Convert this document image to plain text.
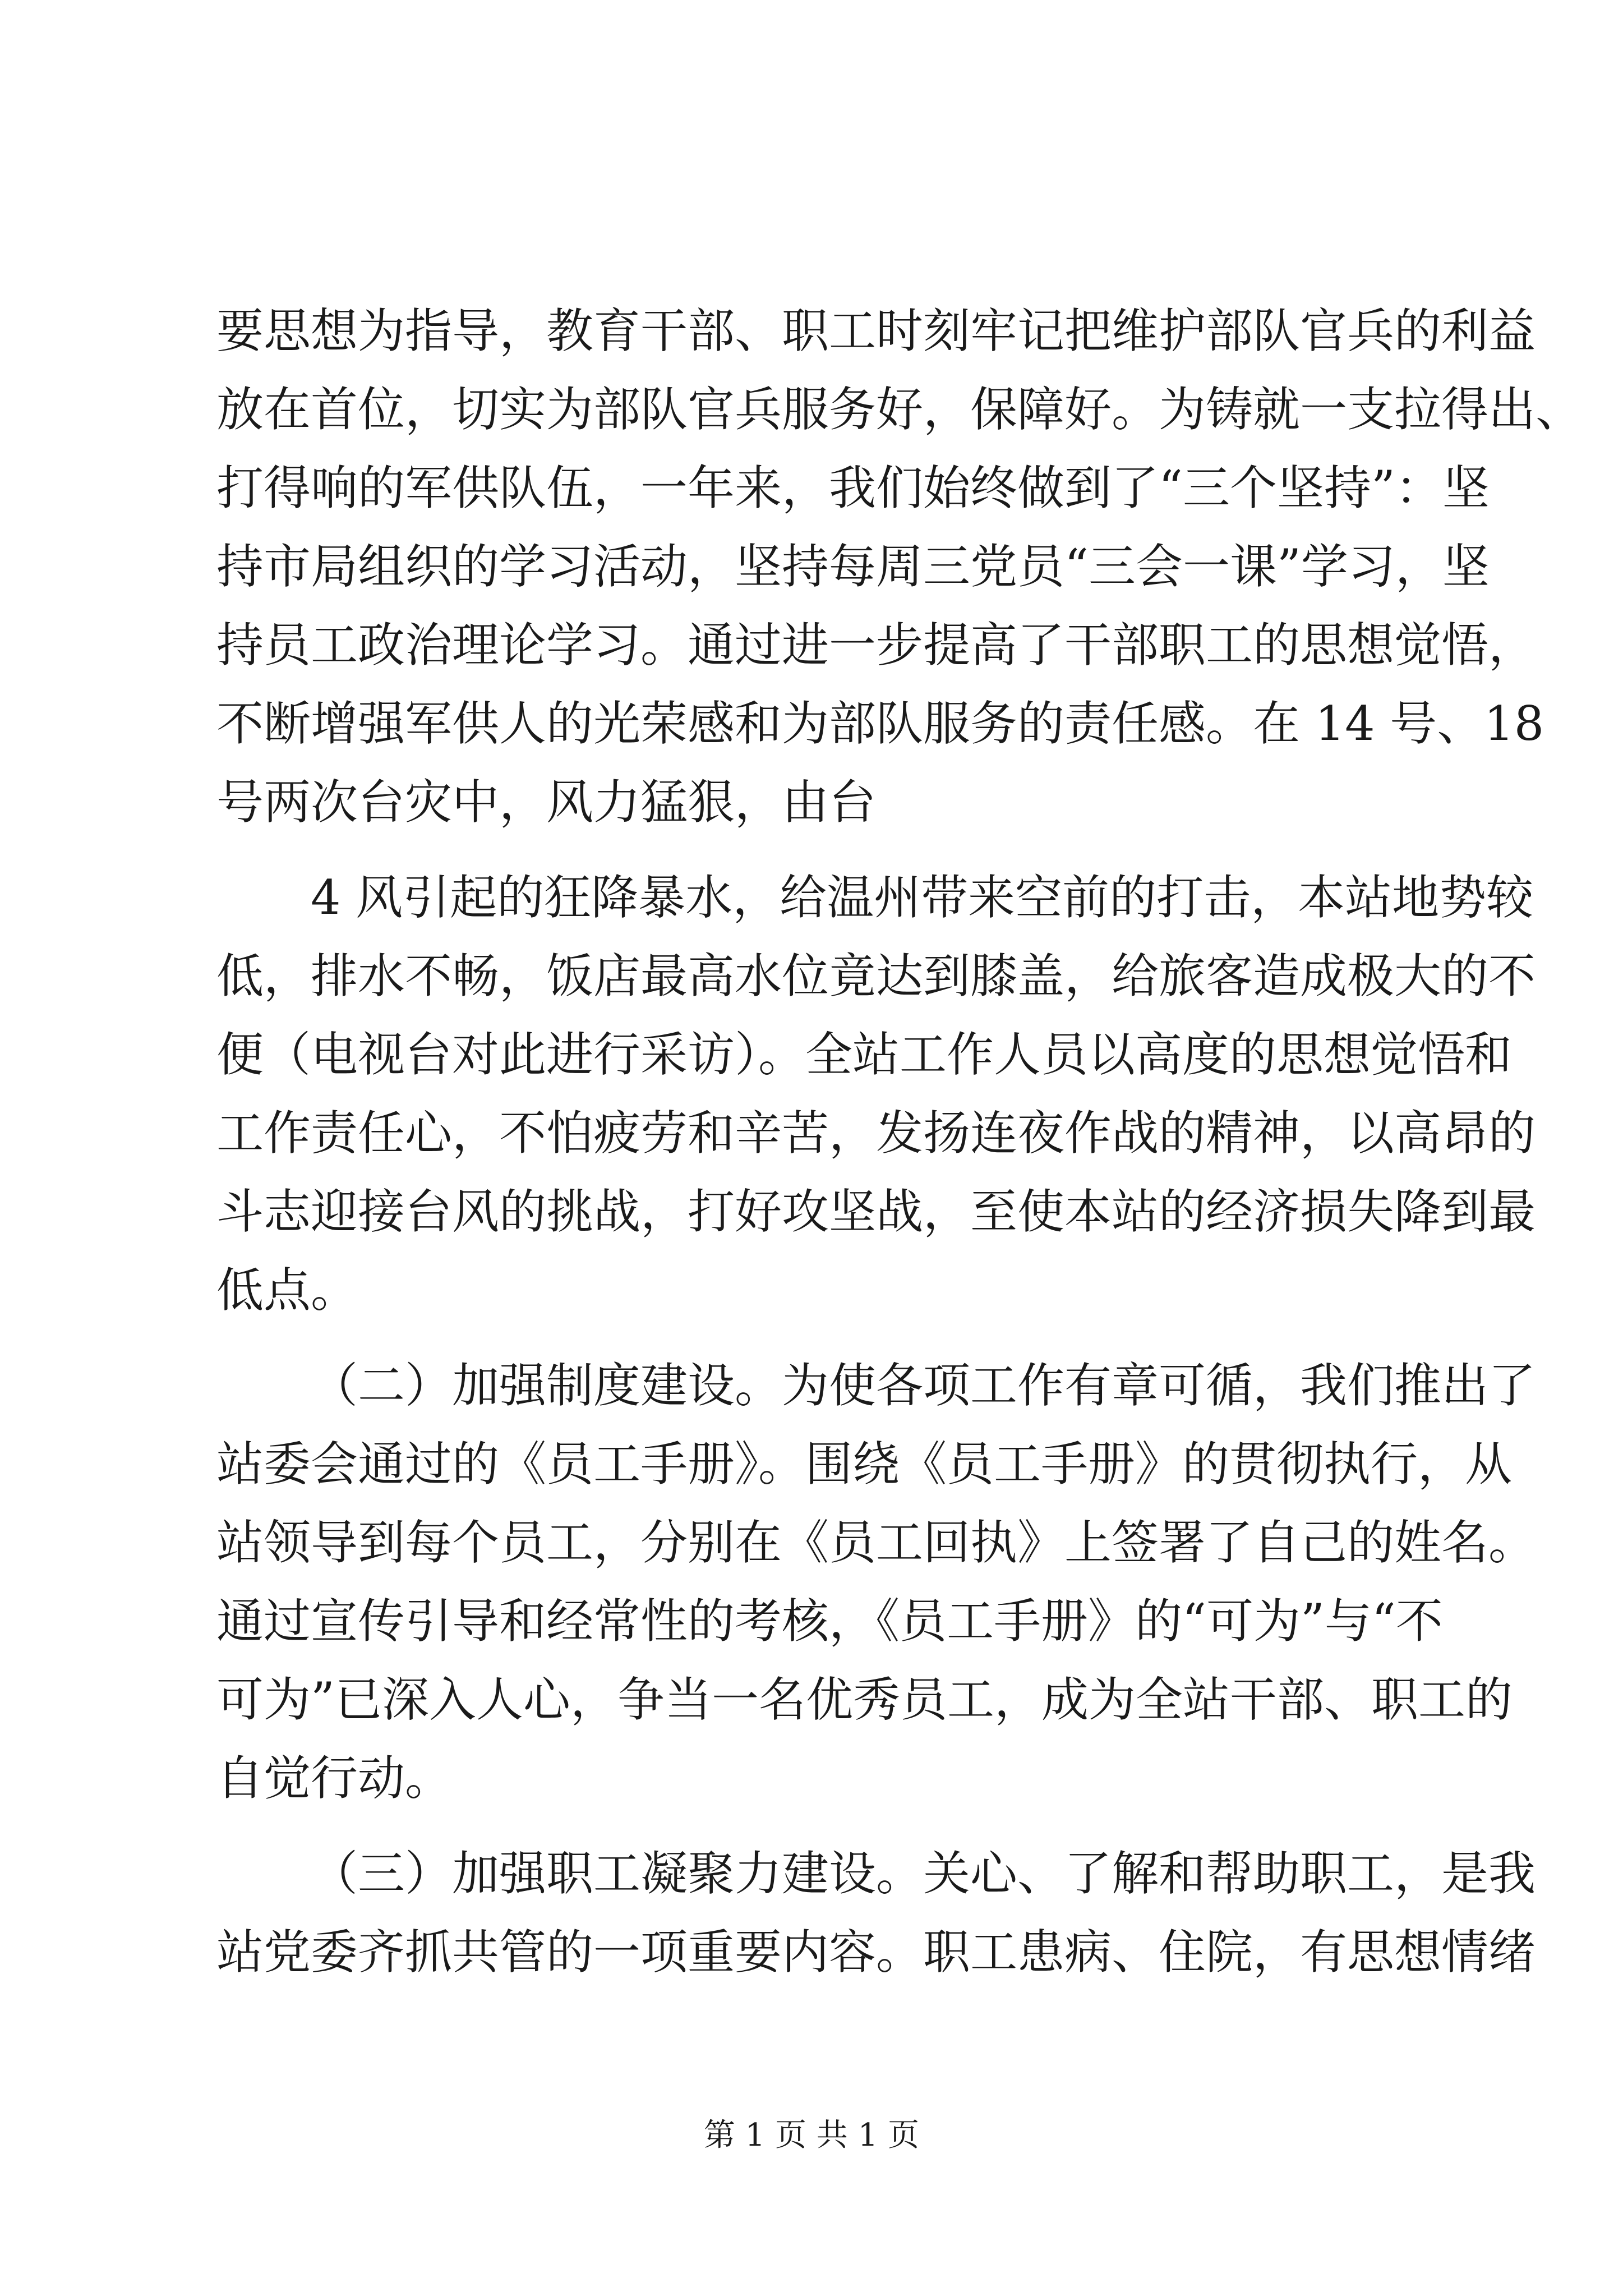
要思想为指导，教育干部、职工时刻牢记把维护部队官兵的利益
放在首位，切实为部队官兵服务好，保障好。为铸就一支拉得出、
打得响的军供队伍，一年来，我们始终做到了“三个坚持”：坚
持市局组织的学习活动，坚持每周三党员“三会一课”学习，坚
持员工政治理论学习。通过进一步提高了干部职工的思想觉悟，
不断增强军供人的光荣感和为部队服务的责任感。在 14 号、18
号两次台灾中，风力猛狠，由台
4 风引起的狂降暴水，给温州带来空前的打击，本站地势较
低，排水不畅，饭店最高水位竟达到膝盖，给旅客造成极大的不
便（电视台对此进行采访）。全站工作人员以高度的思想觉悟和
工作责任心，不怕疲劳和辛苦，发扬连夜作战的精神，以高昂的
斗志迎接台风的挑战，打好攻坚战，至使本站的经济损失降到最
低点。
（二）加强制度建设。为使各项工作有章可循，我们推出了
站委会通过的《员工手册》。围绕《员工手册》的贯彻执行，从
站领导到每个员工，分别在《员工回执》上签署了自己的姓名。
通过宣传引导和经常性的考核，《员工手册》的“可为”与“不
可为”已深入人心，争当一名优秀员工，成为全站干部、职工的
自觉行动。
（三）加强职工凝聚力建设。关心、了解和帮助职工，是我
站党委齐抓共管的一项重要内容。职工患病、住院，有思想情绪
第 1 页 共 1 页
